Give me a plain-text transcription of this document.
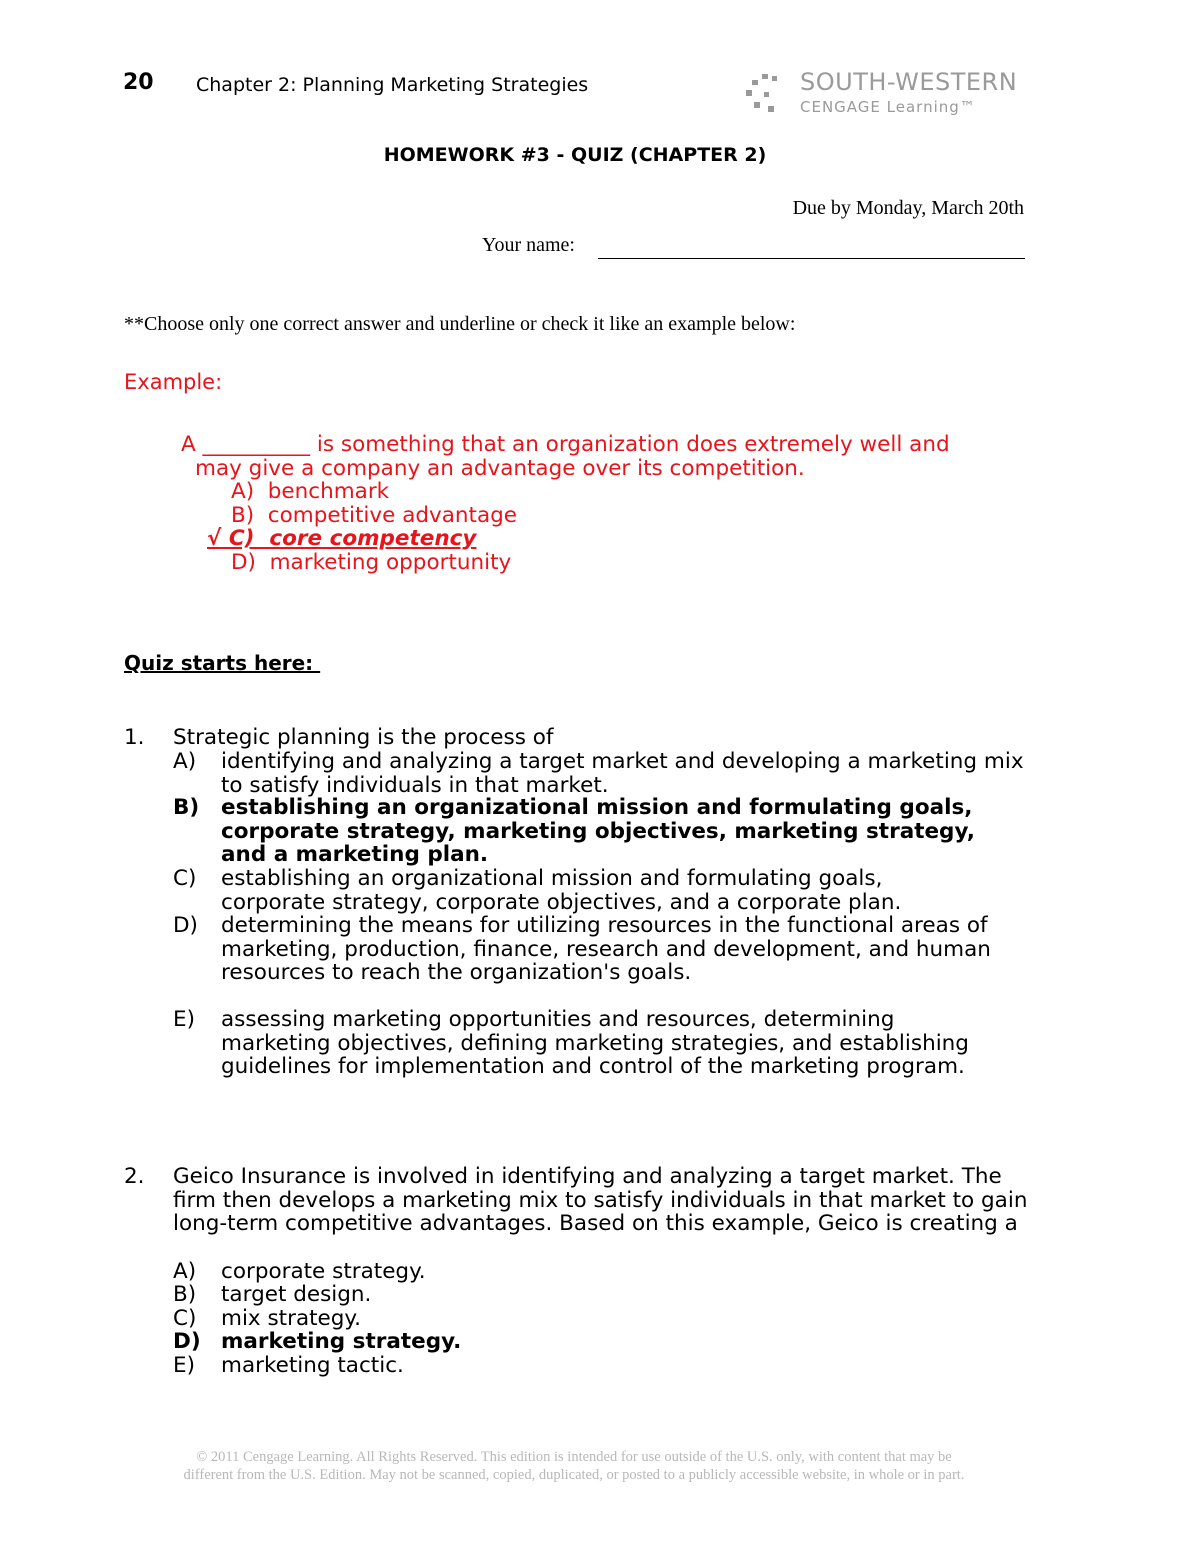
20 Chapter 2: Planning Marketing Strategies	SOUTH-WESTERN
CENGAGE Learning™
HOMEWORK #3 - QUIZ (CHAPTER 2)
Due by Monday, March 20th
Your name:
**Choose only one correct answer and underline or check it like an example below:
Example:
A __________ is something that an organization does extremely well and
may give a company an advantage over its competition.
A)  benchmark
B)  competitive advantage
√ C)  core competency
D)  marketing opportunity
Quiz starts here:
1. Strategic planning is the process of
A) identifying and analyzing a target market and developing a marketing mix to satisfy individuals in that market.
B) establishing an organizational mission and formulating goals, corporate strategy, marketing objectives, marketing strategy, and a marketing plan.
C) establishing an organizational mission and formulating goals, corporate strategy, corporate objectives, and a corporate plan.
D) determining the means for utilizing resources in the functional areas of marketing, production, finance, research and development, and human resources to reach the organization's goals.
E) assessing marketing opportunities and resources, determining marketing objectives, defining marketing strategies, and establishing guidelines for implementation and control of the marketing program.
2. Geico Insurance is involved in identifying and analyzing a target market. The firm then develops a marketing mix to satisfy individuals in that market to gain long-term competitive advantages. Based on this example, Geico is creating a
A) corporate strategy.
B) target design.
C) mix strategy.
D) marketing strategy.
E) marketing tactic.
© 2011 Cengage Learning. All Rights Reserved. This edition is intended for use outside of the U.S. only, with content that may be
different from the U.S. Edition. May not be scanned, copied, duplicated, or posted to a publicly accessible website, in whole or in part.
